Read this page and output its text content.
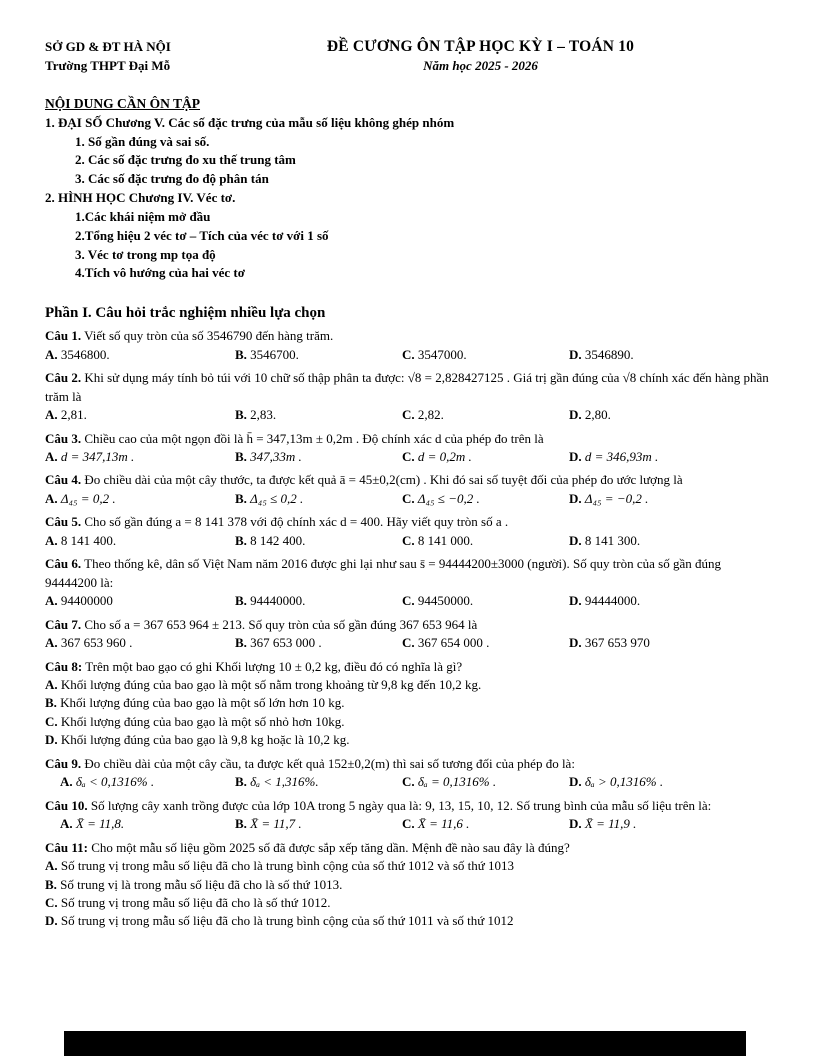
SỞ GD & ĐT HÀ NỘI
Trường THPT Đại Mỗ
ĐỀ CƯƠNG ÔN TẬP HỌC KỲ I – TOÁN 10
Năm học 2025 - 2026
NỘI DUNG CẦN ÔN TẬP
1. ĐẠI SỐ Chương V. Các số đặc trưng của mẫu số liệu không ghép nhóm
1. Số gần đúng và sai số.
2. Các số đặc trưng đo xu thế trung tâm
3. Các số đặc trưng đo độ phân tán
2. HÌNH HỌC Chương IV. Véc tơ.
1.Các khái niệm mở đầu
2.Tổng hiệu 2 véc tơ – Tích của véc tơ với 1 số
3. Véc tơ trong mp tọa độ
4.Tích vô hướng của hai véc tơ
Phần I. Câu hỏi trắc nghiệm nhiều lựa chọn

Câu 1. Viết số quy tròn của số 3546790 đến hàng trăm.

A. 3546800.	B. 3546700.	C. 3547000.	D. 3546890.

Câu 2. Khi sử dụng máy tính bỏ túi với 10 chữ số thập phân ta được: √8 = 2,828427125 . Giá trị gần đúng của √8 chính xác đến hàng phần trăm là

A. 2,81.	B. 2,83.	C. 2,82.	D. 2,80.

Câu 3. Chiều cao của một ngọn đồi là h̄ = 347,13m ± 0,2m . Độ chính xác d của phép đo trên là

A. d = 347,13m .	B. 347,33m .	C. d = 0,2m .	D. d = 346,93m .

Câu 4. Đo chiều dài của một cây thước, ta được kết quả ā = 45±0,2(cm) . Khi đó sai số tuyệt đối của phép đo ước lượng là

A. Δ₄₅ = 0,2 .	B. Δ₄₅ ≤ 0,2 .	C. Δ₄₅ ≤ −0,2 .	D. Δ₄₅ = −0,2 .

Câu 5. Cho số gần đúng a = 8 141 378 với độ chính xác d = 400. Hãy viết quy tròn số a .

A. 8 141 400.	B. 8 142 400.	C. 8 141 000.	D. 8 141 300.

Câu 6. Theo thống kê, dân số Việt Nam năm 2016 được ghi lại như sau s̄ = 94444200±3000 (người). Số quy tròn của số gần đúng 94444200 là:

A. 94400000	B. 94440000.	C. 94450000.	D. 94444000.

Câu 7. Cho số a = 367 653 964 ± 213. Số quy tròn của số gần đúng 367 653 964 là

A. 367 653 960 .	B. 367 653 000 .	C. 367 654 000 .	D. 367 653 970

Câu 8: Trên một bao gạo có ghi Khối lượng 10 ± 0,2 kg, điều đó có nghĩa là gì?

A. Khối lượng đúng của bao gạo là một số nằm trong khoảng từ 9,8 kg đến 10,2 kg.
B. Khối lượng đúng của bao gạo là một số lớn hơn 10 kg.
C. Khối lượng đúng của bao gạo là một số nhỏ hơn 10kg.
D. Khối lượng đúng của bao gạo là 9,8 kg hoặc là 10,2 kg.

Câu 9. Đo chiều dài của một cây cầu, ta được kết quả 152±0,2(m) thì sai số tương đối của phép đo là:

A. δₐ < 0,1316% .	B. δₐ < 1,316%.	C. δₐ = 0,1316% .	D. δₐ > 0,1316% .

Câu 10. Số lượng cây xanh trồng được của lớp 10A trong 5 ngày qua là: 9, 13, 15, 10, 12. Số trung bình của mẫu số liệu trên là:

A. X̄ = 11,8.	B. X̄ = 11,7 .	C. X̄ = 11,6 .	D. X̄ = 11,9 .

Câu 11: Cho một mẫu số liệu gồm 2025 số đã được sắp xếp tăng dần. Mệnh đề nào sau đây là đúng?

A. Số trung vị trong mẫu số liệu đã cho là trung bình cộng của số thứ 1012 và số thứ 1013
B. Số trung vị là trong mẫu số liệu đã cho là số thứ 1013.
C. Số trung vị trong mẫu số liệu đã cho là số thứ 1012.
D. Số trung vị trong mẫu số liệu đã cho là trung bình cộng của số thứ 1011 và số thứ 1012
